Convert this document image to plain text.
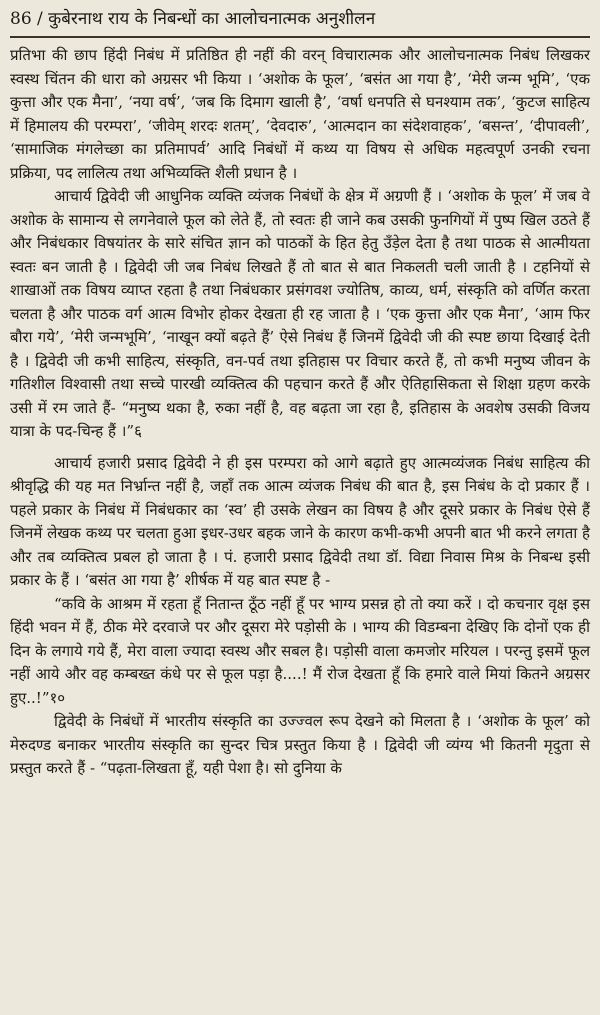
86 / कुबेरनाथ राय के निबन्धों का आलोचनात्मक अनुशीलन

प्रतिभा की छाप हिंदी निबंध में प्रतिष्ठित ही नहीं की वरन् विचारात्मक और आलोचनात्मक निबंध लिखकर स्वस्थ चिंतन की धारा को अग्रसर भी किया । ‘अशोक के फूल’, ‘बसंत आ गया है’, ‘मेरी जन्म भूमि’, ‘एक कुत्ता और एक मैना’, ‘नया वर्ष’, ‘जब कि दिमाग खाली है’, ‘वर्षा धनपति से घनश्याम तक’, ‘कुटज साहित्य में हिमालय की परम्परा’, ‘जीवेम् शरदः शतम्’, ‘देवदारु’, ‘आत्मदान का संदेशवाहक’, ‘बसन्त’, ‘दीपावली’, ‘सामाजिक मंगलेच्छा का प्रतिमापर्व’ आदि निबंधों में कथ्य या विषय से अधिक महत्वपूर्ण उनकी रचना प्रक्रिया, पद लालित्य तथा अभिव्यक्ति शैली प्रधान है ।

आचार्य द्विवेदी जी आधुनिक व्यक्ति व्यंजक निबंधों के क्षेत्र में अग्रणी हैं । ‘अशोक के फूल’ में जब वे अशोक के सामान्य से लगनेवाले फूल को लेते हैं, तो स्वतः ही जाने कब उसकी फुनगियों में पुष्प खिल उठते हैं और निबंधकार विषयांतर के सारे संचित ज्ञान को पाठकों के हित हेतु उँड़ेल देता है तथा पाठक से आत्मीयता स्वतः बन जाती है । द्विवेदी जी जब निबंध लिखते हैं तो बात से बात निकलती चली जाती है । टहनियों से शाखाओं तक विषय व्याप्त रहता है तथा निबंधकार प्रसंगवश ज्योतिष, काव्य, धर्म, संस्कृति को वर्णित करता चलता है और पाठक वर्ग आत्म विभोर होकर देखता ही रह जाता है । ‘एक कुत्ता और एक मैना’, ‘आम फिर बौरा गये’, ‘मेरी जन्मभूमि’, ‘नाखून क्यों बढ़ते हैं’ ऐसे निबंध हैं जिनमें द्विवेदी जी की स्पष्ट छाया दिखाई देती है । द्विवेदी जी कभी साहित्य, संस्कृति, वन-पर्व तथा इतिहास पर विचार करते हैं, तो कभी मनुष्य जीवन के गतिशील विश्वासी तथा सच्चे पारखी व्यक्तित्व की पहचान करते हैं और ऐतिहासिकता से शिक्षा ग्रहण करके उसी में रम जाते हैं- “मनुष्य थका है, रुका नहीं है, वह बढ़ता जा रहा है, इतिहास के अवशेष उसकी विजय यात्रा के पद-चिन्ह हैं ।”६

आचार्य हजारी प्रसाद द्विवेदी ने ही इस परम्परा को आगे बढ़ाते हुए आत्मव्यंजक निबंध साहित्य की श्रीवृद्धि की यह मत निर्भ्रान्त नहीं है, जहाँ तक आत्म व्यंजक निबंध की बात है, इस निबंध के दो प्रकार हैं । पहले प्रकार के निबंध में निबंधकार का ‘स्व’ ही उसके लेखन का विषय है और दूसरे प्रकार के निबंध ऐसे हैं जिनमें लेखक कथ्य पर चलता हुआ इधर-उधर बहक जाने के कारण कभी-कभी अपनी बात भी करने लगता है और तब व्यक्तित्व प्रबल हो जाता है । पं. हजारी प्रसाद द्विवेदी तथा डॉ. विद्या निवास मिश्र के निबन्ध इसी प्रकार के हैं । ‘बसंत आ गया है’ शीर्षक में यह बात स्पष्ट है -

“कवि के आश्रम में रहता हूँ नितान्त ठूँठ नहीं हूँ पर भाग्य प्रसन्न हो तो क्या करें । दो कचनार वृक्ष इस हिंदी भवन में हैं, ठीक मेरे दरवाजे पर और दूसरा मेरे पड़ोसी के । भाग्य की विडम्बना देखिए कि दोनों एक ही दिन के लगाये गये हैं, मेरा वाला ज्यादा स्वस्थ और सबल है। पड़ोसी वाला कमजोर मरियल । परन्तु इसमें फूल नहीं आये और वह कम्बख्त कंधे पर से फूल पड़ा है....! मैं रोज देखता हूँ कि हमारे वाले मियां कितने अग्रसर हुए..!”१०

द्विवेदी के निबंधों में भारतीय संस्कृति का उज्ज्वल रूप देखने को मिलता है । ‘अशोक के फूल’ को मेरुदण्ड बनाकर भारतीय संस्कृति का सुन्दर चित्र प्रस्तुत किया है । द्विवेदी जी व्यंग्य भी कितनी मृदुता से प्रस्तुत करते हैं - “पढ़ता-लिखता हूँ, यही पेशा है। सो दुनिया के
